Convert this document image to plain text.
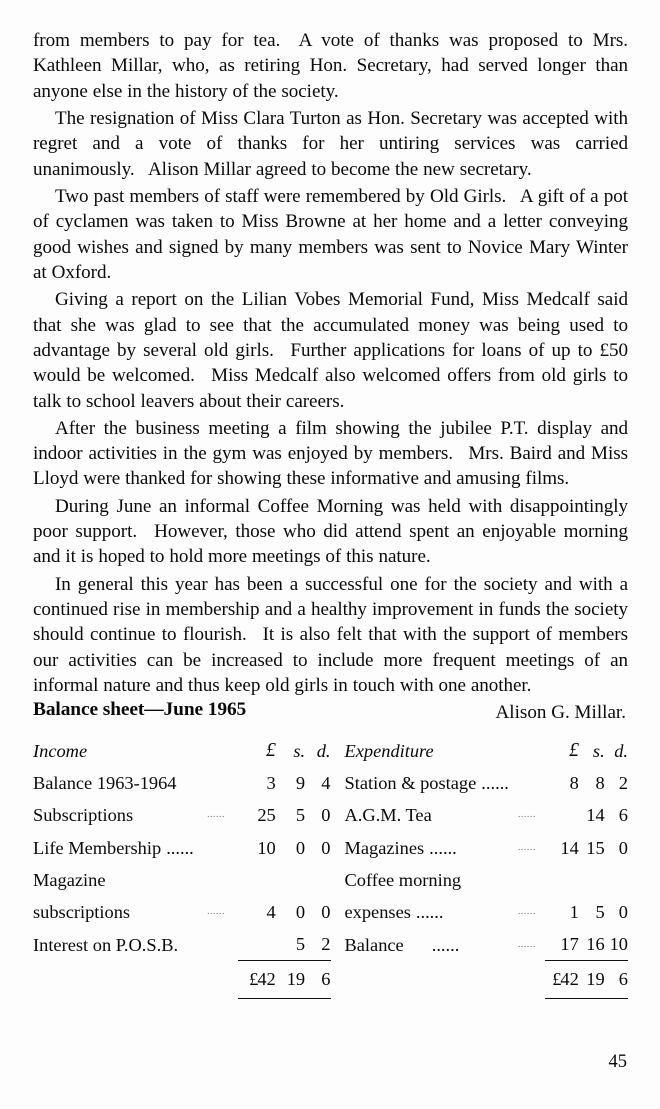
from members to pay for tea.  A vote of thanks was proposed to Mrs. Kathleen Millar, who, as retiring Hon. Secretary, had served longer than anyone else in the history of the society.

The resignation of Miss Clara Turton as Hon. Secretary was accepted with regret and a vote of thanks for her untiring services was carried unanimously.  Alison Millar agreed to become the new secretary.

Two past members of staff were remembered by Old Girls.  A gift of a pot of cyclamen was taken to Miss Browne at her home and a letter conveying good wishes and signed by many members was sent to Novice Mary Winter at Oxford.

Giving a report on the Lilian Vobes Memorial Fund, Miss Medcalf said that she was glad to see that the accumulated money was being used to advantage by several old girls.  Further applications for loans of up to £50 would be welcomed.  Miss Medcalf also welcomed offers from old girls to talk to school leavers about their careers.

After the business meeting a film showing the jubilee P.T. display and indoor activities in the gym was enjoyed by members.  Mrs. Baird and Miss Lloyd were thanked for showing these informative and amusing films.

During June an informal Coffee Morning was held with disappointingly poor support.  However, those who did attend spent an enjoyable morning and it is hoped to hold more meetings of this nature.

In general this year has been a successful one for the society and with a continued rise in membership and a healthy improvement in funds the society should continue to flourish.  It is also felt that with the support of members our activities can be increased to include more frequent meetings of an informal nature and thus keep old girls in touch with one another.

Alison G. Millar.

Balance sheet—June 1965
Income		£	s.	d.
Balance 1963-1964		3	9	4
Subscriptions	......	25	5	0
Life Membership ......		10	0	0
Magazine				
subscriptions	......	4	0	0
Interest on P.O.S.B.			5	2
		£42	19	6
Expenditure		£	s.	d.
Station & postage ......		8	8	2
A.G.M. Tea	......		14	6
Magazines ......	......	14	15	0
Coffee morning				
expenses ......	......	1	5	0
Balance ......	......	17	16	10
		£42	19	6
45
